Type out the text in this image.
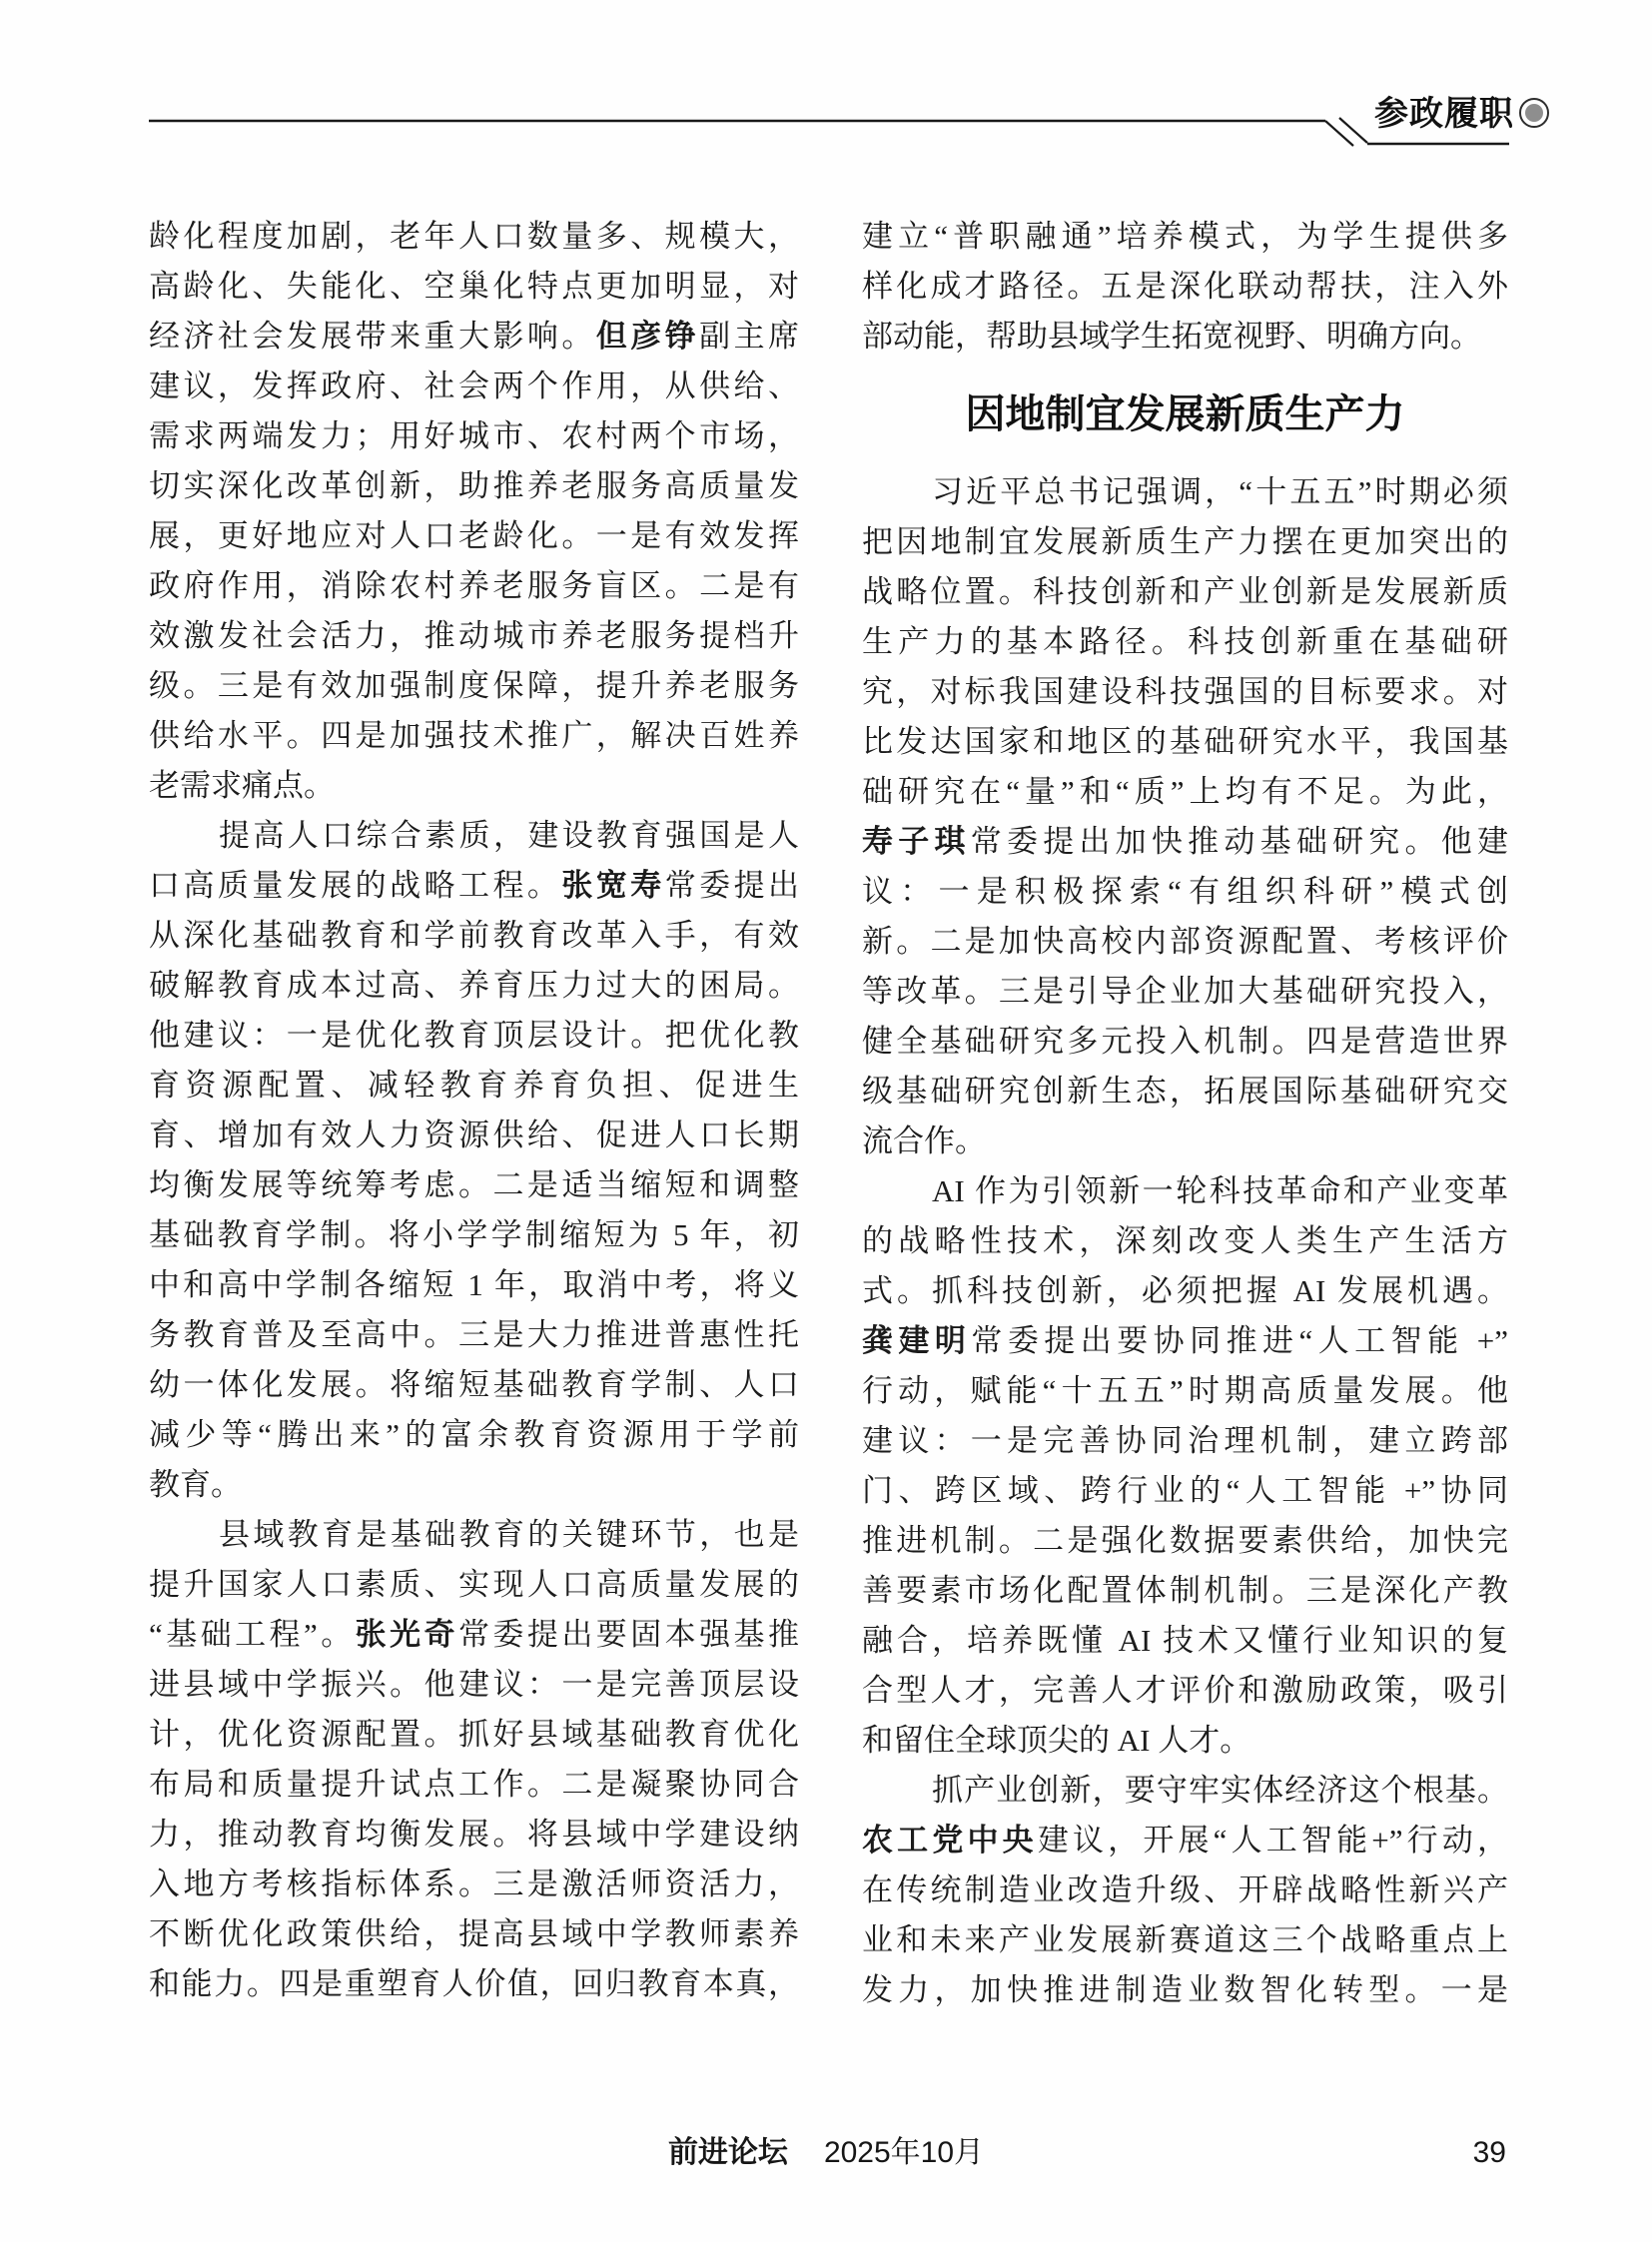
参政履职
龄化程度加剧，老年人口数量多、规模大，
高龄化、失能化、空巢化特点更加明显，对
经济社会发展带来重大影响。但彦铮副主席
建议，发挥政府、社会两个作用，从供给、
需求两端发力；用好城市、农村两个市场，
切实深化改革创新，助推养老服务高质量发
展，更好地应对人口老龄化。一是有效发挥
政府作用，消除农村养老服务盲区。二是有
效激发社会活力，推动城市养老服务提档升
级。三是有效加强制度保障，提升养老服务
供给水平。四是加强技术推广，解决百姓养
老需求痛点。
提高人口综合素质，建设教育强国是人
口高质量发展的战略工程。张宽寿常委提出
从深化基础教育和学前教育改革入手，有效
破解教育成本过高、养育压力过大的困局。
他建议：一是优化教育顶层设计。把优化教
育资源配置、减轻教育养育负担、促进生
育、增加有效人力资源供给、促进人口长期
均衡发展等统筹考虑。二是适当缩短和调整
基础教育学制。将小学学制缩短为 5 年，初
中和高中学制各缩短 1 年，取消中考，将义
务教育普及至高中。三是大力推进普惠性托
幼一体化发展。将缩短基础教育学制、人口
减少等“腾出来”的富余教育资源用于学前
教育。
县域教育是基础教育的关键环节，也是
提升国家人口素质、实现人口高质量发展的
“基础工程”。张光奇常委提出要固本强基推
进县域中学振兴。他建议：一是完善顶层设
计，优化资源配置。抓好县域基础教育优化
布局和质量提升试点工作。二是凝聚协同合
力，推动教育均衡发展。将县域中学建设纳
入地方考核指标体系。三是激活师资活力，
不断优化政策供给，提高县域中学教师素养
和能力。四是重塑育人价值，回归教育本真，
建立“普职融通”培养模式，为学生提供多
样化成才路径。五是深化联动帮扶，注入外
部动能，帮助县域学生拓宽视野、明确方向。
因地制宜发展新质生产力
习近平总书记强调，“十五五”时期必须
把因地制宜发展新质生产力摆在更加突出的
战略位置。科技创新和产业创新是发展新质
生产力的基本路径。科技创新重在基础研
究，对标我国建设科技强国的目标要求。对
比发达国家和地区的基础研究水平，我国基
础研究在“量”和“质”上均有不足。为此，
寿子琪常委提出加快推动基础研究。他建
议：一是积极探索“有组织科研”模式创
新。二是加快高校内部资源配置、考核评价
等改革。三是引导企业加大基础研究投入，
健全基础研究多元投入机制。四是营造世界
级基础研究创新生态，拓展国际基础研究交
流合作。
AI 作为引领新一轮科技革命和产业变革
的战略性技术，深刻改变人类生产生活方
式。抓科技创新，必须把握 AI 发展机遇。
龚建明常委提出要协同推进“人工智能 +”
行动，赋能“十五五”时期高质量发展。他
建议：一是完善协同治理机制，建立跨部
门、跨区域、跨行业的“人工智能 +”协同
推进机制。二是强化数据要素供给，加快完
善要素市场化配置体制机制。三是深化产教
融合，培养既懂 AI 技术又懂行业知识的复
合型人才，完善人才评价和激励政策，吸引
和留住全球顶尖的 AI 人才。
抓产业创新，要守牢实体经济这个根基。
农工党中央建议，开展“人工智能+”行动，
在传统制造业改造升级、开辟战略性新兴产
业和未来产业发展新赛道这三个战略重点上
发力，加快推进制造业数智化转型。一是
前进论坛 2025年10月	39
